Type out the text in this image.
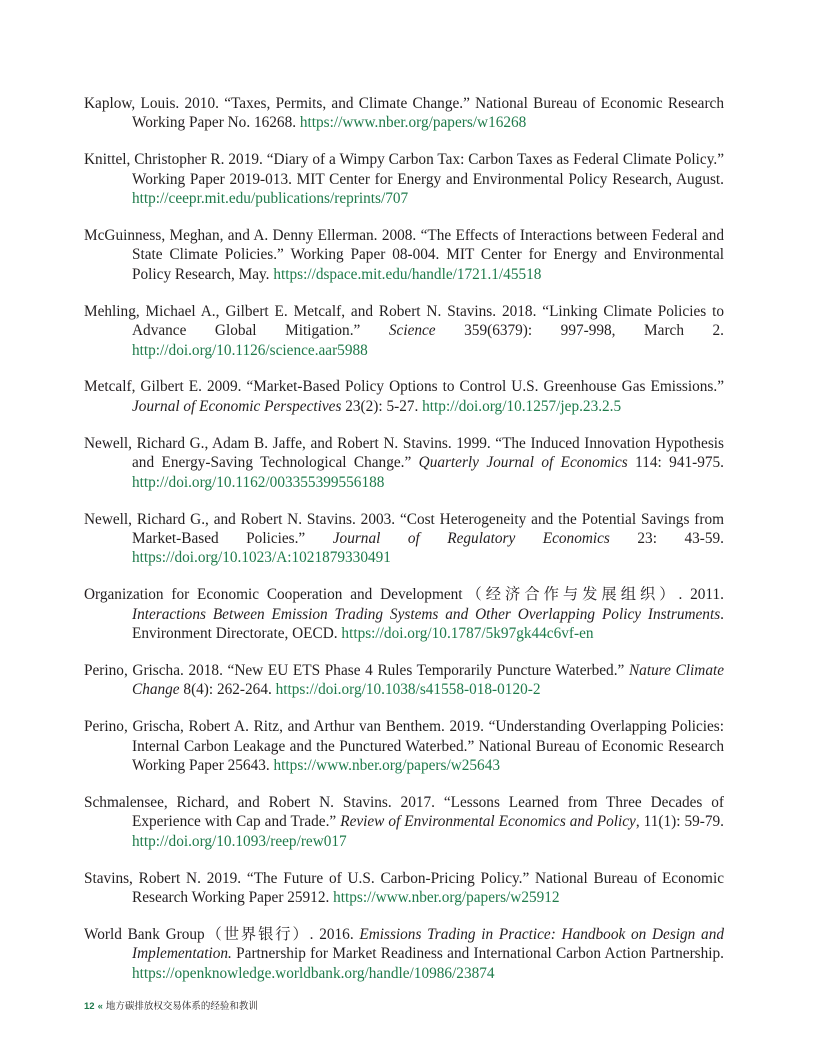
Kaplow, Louis. 2010. “Taxes, Permits, and Climate Change.” National Bureau of Economic Research Working Paper No. 16268. https://www.nber.org/papers/w16268

Knittel, Christopher R. 2019. “Diary of a Wimpy Carbon Tax: Carbon Taxes as Federal Climate Policy.” Working Paper 2019-013. MIT Center for Energy and Environmental Policy Research, August. http://ceepr.mit.edu/publications/reprints/707

McGuinness, Meghan, and A. Denny Ellerman. 2008. “The Effects of Interactions between Federal and State Climate Policies.” Working Paper 08-004. MIT Center for Energy and Environmental Policy Research, May. https://dspace.mit.edu/handle/1721.1/45518

Mehling, Michael A., Gilbert E. Metcalf, and Robert N. Stavins. 2018. “Linking Climate Policies to Advance Global Mitigation.” Science 359(6379): 997-998, March 2. http://doi.org/10.1126/science.aar5988

Metcalf, Gilbert E. 2009. “Market-Based Policy Options to Control U.S. Greenhouse Gas Emissions.” Journal of Economic Perspectives 23(2): 5-27. http://doi.org/10.1257/jep.23.2.5

Newell, Richard G., Adam B. Jaffe, and Robert N. Stavins. 1999. “The Induced Innovation Hypothesis and Energy-Saving Technological Change.” Quarterly Journal of Economics 114: 941-975. http://doi.org/10.1162/003355399556188

Newell, Richard G., and Robert N. Stavins. 2003. “Cost Heterogeneity and the Potential Savings from Market-Based Policies.” Journal of Regulatory Economics 23: 43-59. https://doi.org/10.1023/A:1021879330491

Organization for Economic Cooperation and Development（经济合作与发展组织）. 2011. Interactions Between Emission Trading Systems and Other Overlapping Policy Instruments. Environment Directorate, OECD. https://doi.org/10.1787/5k97gk44c6vf-en

Perino, Grischa. 2018. “New EU ETS Phase 4 Rules Temporarily Puncture Waterbed.” Nature Climate Change 8(4): 262-264. https://doi.org/10.1038/s41558-018-0120-2

Perino, Grischa, Robert A. Ritz, and Arthur van Benthem. 2019. “Understanding Overlapping Policies: Internal Carbon Leakage and the Punctured Waterbed.” National Bureau of Economic Research Working Paper 25643. https://www.nber.org/papers/w25643

Schmalensee, Richard, and Robert N. Stavins. 2017. “Lessons Learned from Three Decades of Experience with Cap and Trade.” Review of Environmental Economics and Policy, 11(1): 59-79. http://doi.org/10.1093/reep/rew017

Stavins, Robert N. 2019. “The Future of U.S. Carbon-Pricing Policy.” National Bureau of Economic Research Working Paper 25912. https://www.nber.org/papers/w25912

World Bank Group（世界银行）. 2016. Emissions Trading in Practice: Handbook on Design and Implementation. Partnership for Market Readiness and International Carbon Action Partnership. https://openknowledge.worldbank.org/handle/10986/23874

12 « 地方碳排放权交易体系的经验和教训
